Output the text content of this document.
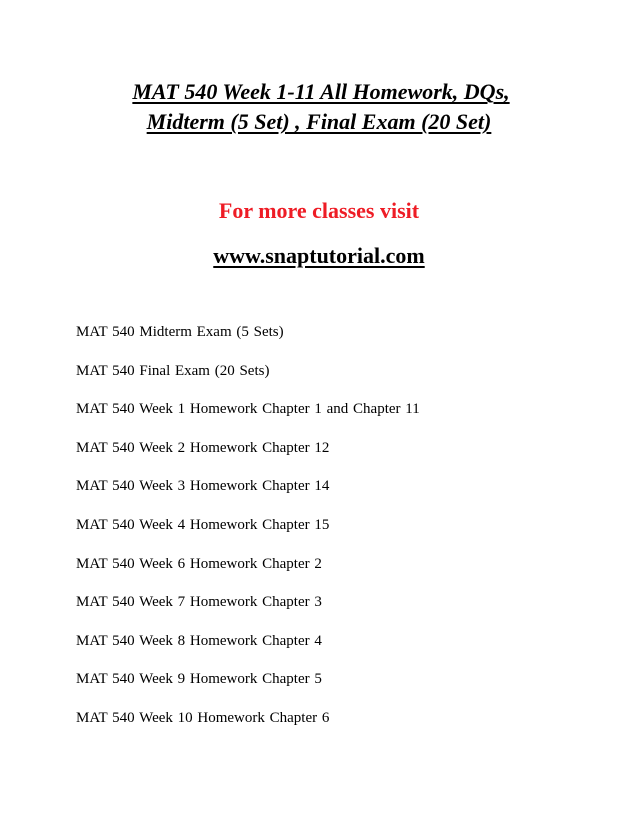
MAT 540 Week 1-11 All Homework, DQs,
Midterm (5 Set) , Final Exam (20 Set)
For more classes visit
www.snaptutorial.com
MAT 540 Midterm Exam (5 Sets)
MAT 540 Final Exam (20 Sets)
MAT 540 Week 1 Homework Chapter 1 and Chapter 11
MAT 540 Week 2 Homework Chapter 12
MAT 540 Week 3 Homework Chapter 14
MAT 540 Week 4 Homework Chapter 15
MAT 540 Week 6 Homework Chapter 2
MAT 540 Week 7 Homework Chapter 3
MAT 540 Week 8 Homework Chapter 4
MAT 540 Week 9 Homework Chapter 5
MAT 540 Week 10 Homework Chapter 6
